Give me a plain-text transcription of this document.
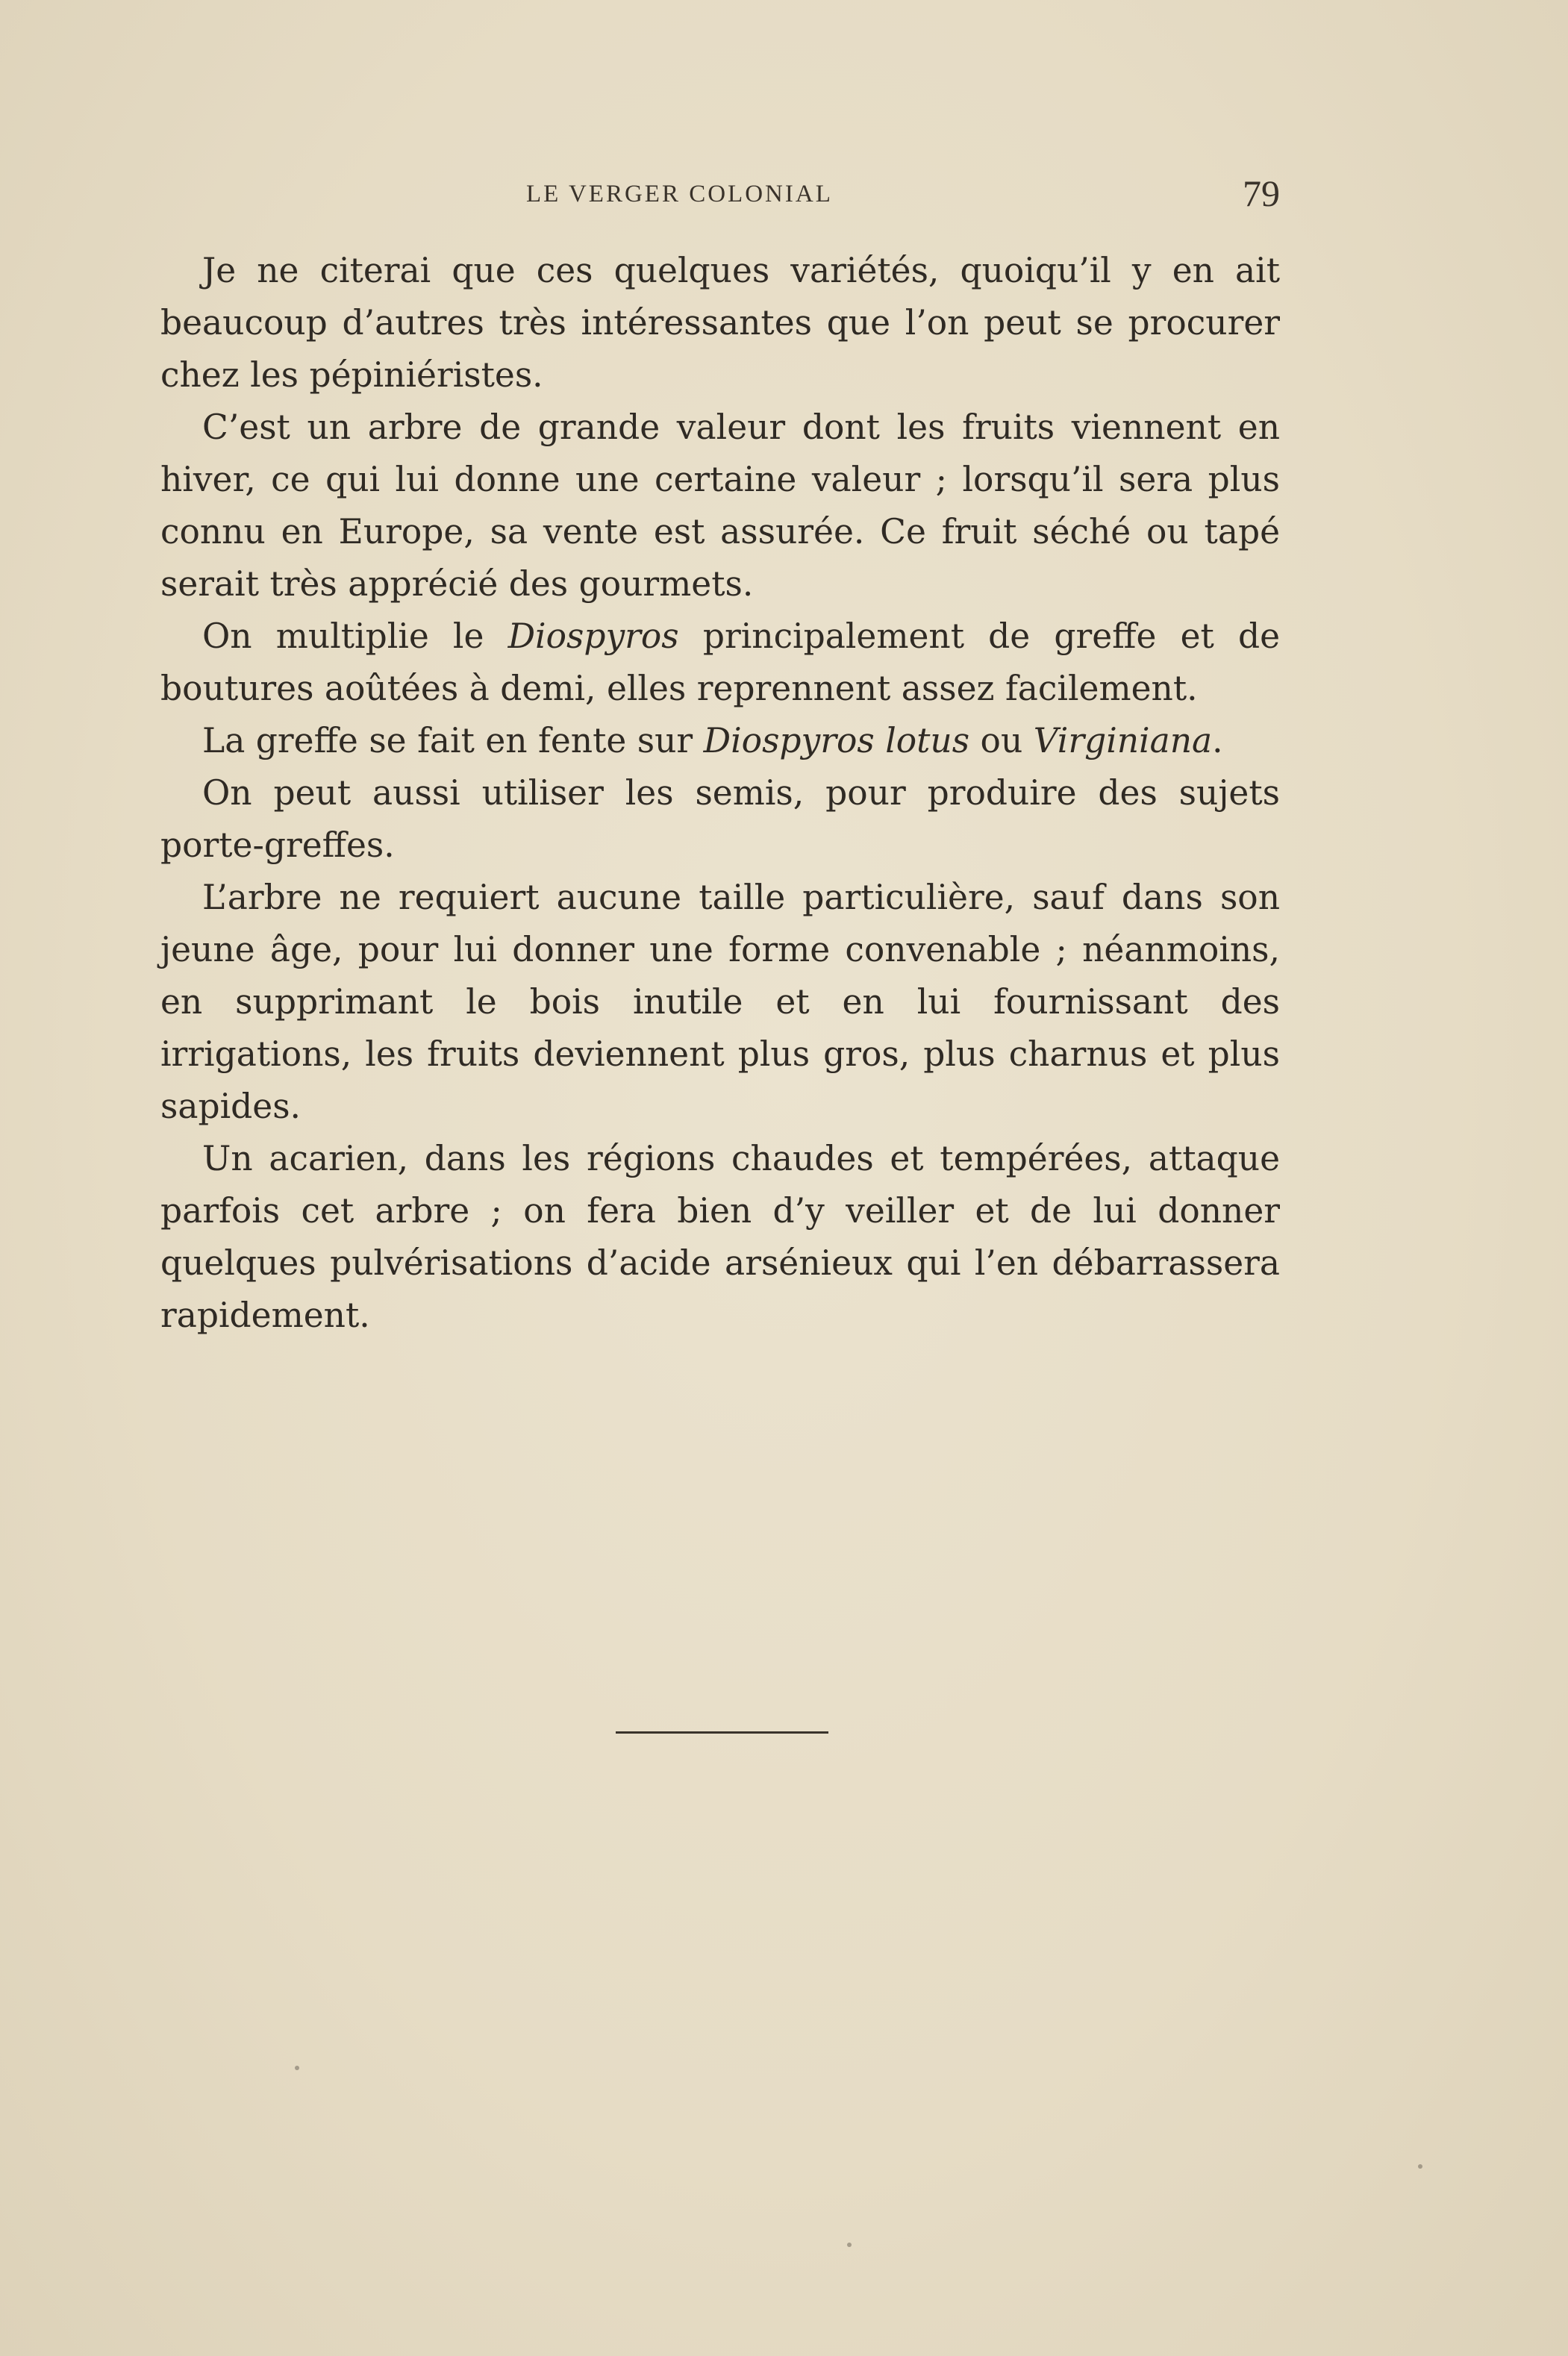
LE VERGER COLONIAL	79

Je ne citerai que ces quelques variétés, quoiqu’il y en ait beaucoup d’autres très intéressantes que l’on peut se procurer chez les pépiniéristes.

C’est un arbre de grande valeur dont les fruits viennent en hiver, ce qui lui donne une certaine valeur ; lorsqu’il sera plus connu en Europe, sa vente est assurée. Ce fruit séché ou tapé serait très apprécié des gourmets.

On multiplie le Diospyros principalement de greffe et de boutures aoûtées à demi, elles reprennent assez facilement.

La greffe se fait en fente sur Diospyros lotus ou Virginiana.

On peut aussi utiliser les semis, pour produire des sujets porte-greffes.

L’arbre ne requiert aucune taille particulière, sauf dans son jeune âge, pour lui donner une forme convenable ; néanmoins, en supprimant le bois inutile et en lui fournissant des irrigations, les fruits deviennent plus gros, plus charnus et plus sapides.

Un acarien, dans les régions chaudes et tempérées, attaque parfois cet arbre ; on fera bien d’y veiller et de lui donner quelques pulvérisations d’acide arsénieux qui l’en débarrassera rapidement.
